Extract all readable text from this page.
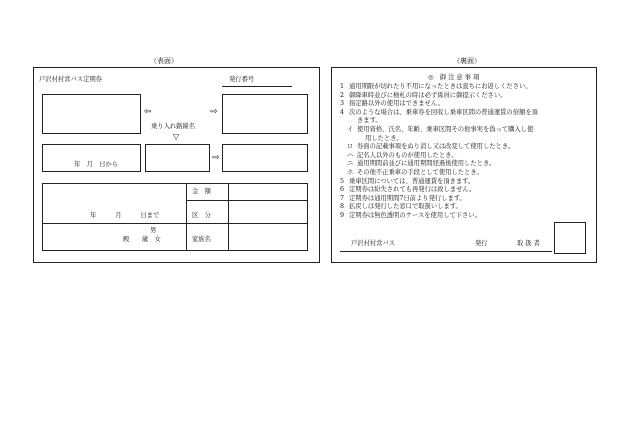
（表面）
戸沢村村営バス定期券	発行番号
⇦	⇨
乗り入れ路線名
▽
年　月　日から
⇨
金　額
区　分
年　　　月　　　日まで
男
殿　　歳　女	家族名
（裏面）
◎　御 注 意 事 項
1 通用期限が切れたり不用になったときは直ちにお返しください。
2 御降車時並びに検札の時は必ず係員に御提示ください。
3 指定路以外の使用はできません。
4 次のような場合は、乗車券を回収し乗車区間の普通運賃の倍額を頂
きます。
イ 使用資格、氏名、年齢、乗車区間その他事実を偽って購入し使
用したとき。
ロ 券面の記載事項をぬり消し又は改変して使用したとき。
ハ 記名人以外のものが使用したとき。
ニ 通用期間前並びに通用期間経過後使用したとき。
ホ その他不正乗車の手段として使用したとき。
5 乗車区間については、普通運賃を頂きます。
6 定期券は紛失されても再発行は致しません。
7 定期券は通用期間7日前より発行します。
8 払戻しは発行した窓口で取扱いします。
9 定期券は無色透明のケースを使用して下さい。
戸沢村村営バス	発行	取 扱 者
